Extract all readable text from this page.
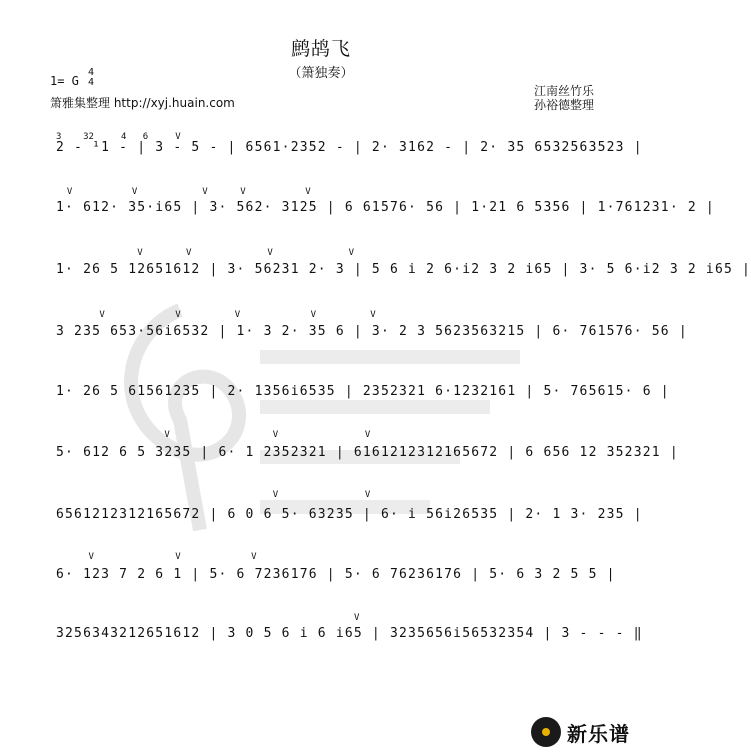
鹧鸪飞
（箫独奏）
1= G
4
4
箫雅集整理 http://xyj.huain.com
江南丝竹乐
孙裕德整理
3    32     4   6     V
2 - ¹1 - | 3 - 5 - | 6561·2352 - | 2· 3162 - | 2· 35 6532563523 |
V           V            V      V           V
1· 612· 35·i65 | 3· 562· 3125 | 6 61576· 56 | 1·21 6 5356 | 1·761231· 2 |
V        V              V              V
1· 26 5 12651612 | 3· 56231 2· 3 | 5 6 i 2 6·i2 3 2 i65 | 3· 5 6·i2 3 2 i65 |
V             V          V             V          V
3 235 653·56i6532 | 1· 3 2· 35 6 | 3· 2 3 5623563215 | 6· 761576· 56 |
1· 26 5 61561235 | 2· 1356i6535 | 2352321 6·1232161 | 5· 765615· 6 |
V                   V                V
5· 612 6 5 3235 | 6· 1 2352321 | 6161212312165672 | 6 656 12 352321 |
V                V
6561212312165672 | 6 0 6 5· 63235 | 6· i 56i26535 | 2· 1 3· 235 |
V               V             V
6· 123 7 2 6 1 | 5· 6 7236176 | 5· 6 76236176 | 5· 6 3 2 5 5 |
V
3256343212651612 | 3 0 5 6 i 6 i65 | 3235656i56532354 | 3 - - - ‖
新乐谱
